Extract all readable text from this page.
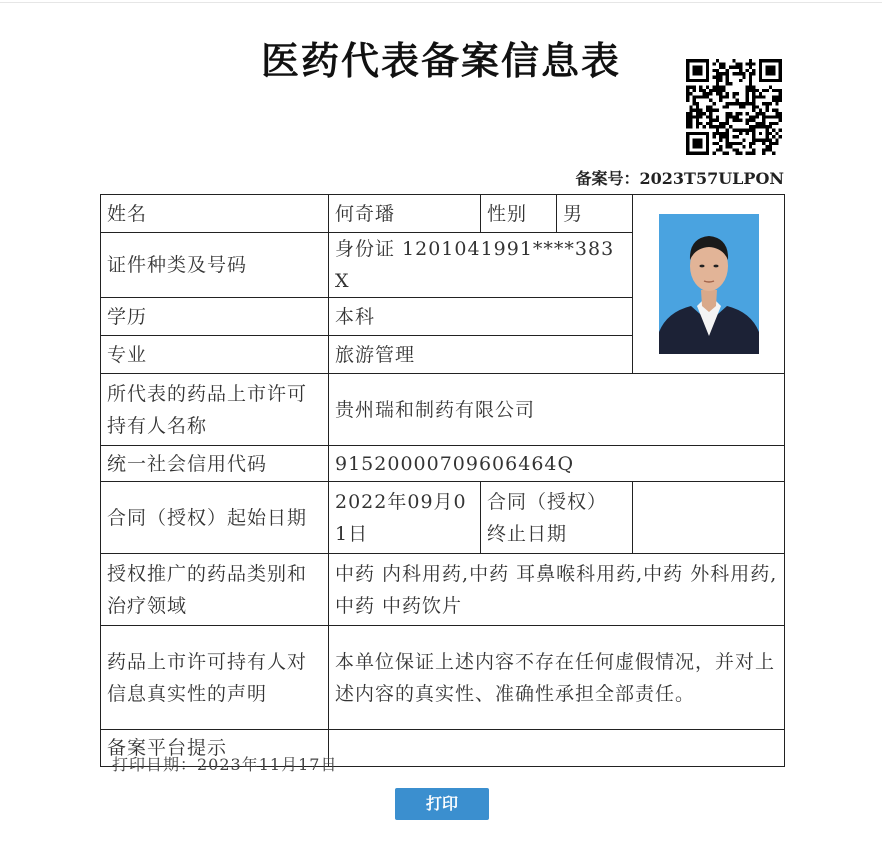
医药代表备案信息表
备案号：2023T57ULPON
姓名	何奇璠	性别	男	

证件种类及号码	身份证 1201041991****383X			
学历	本科			
专业	旅游管理			
所代表的药品上市许可持有人名称	贵州瑞和制药有限公司			
统一社会信用代码	91520000709606464Q			
合同（授权）起始日期	2022年09月01日	合同（授权）终止日期		
授权推广的药品类别和治疗领域	中药 内科用药,中药 耳鼻喉科用药,中药 外科用药,中药 中药饮片			
药品上市许可持有人对信息真实性的声明	本单位保证上述内容不存在任何虚假情况，并对上述内容的真实性、准确性承担全部责任。			
备案平台提示				
打印日期：2023年11月17日
打印
